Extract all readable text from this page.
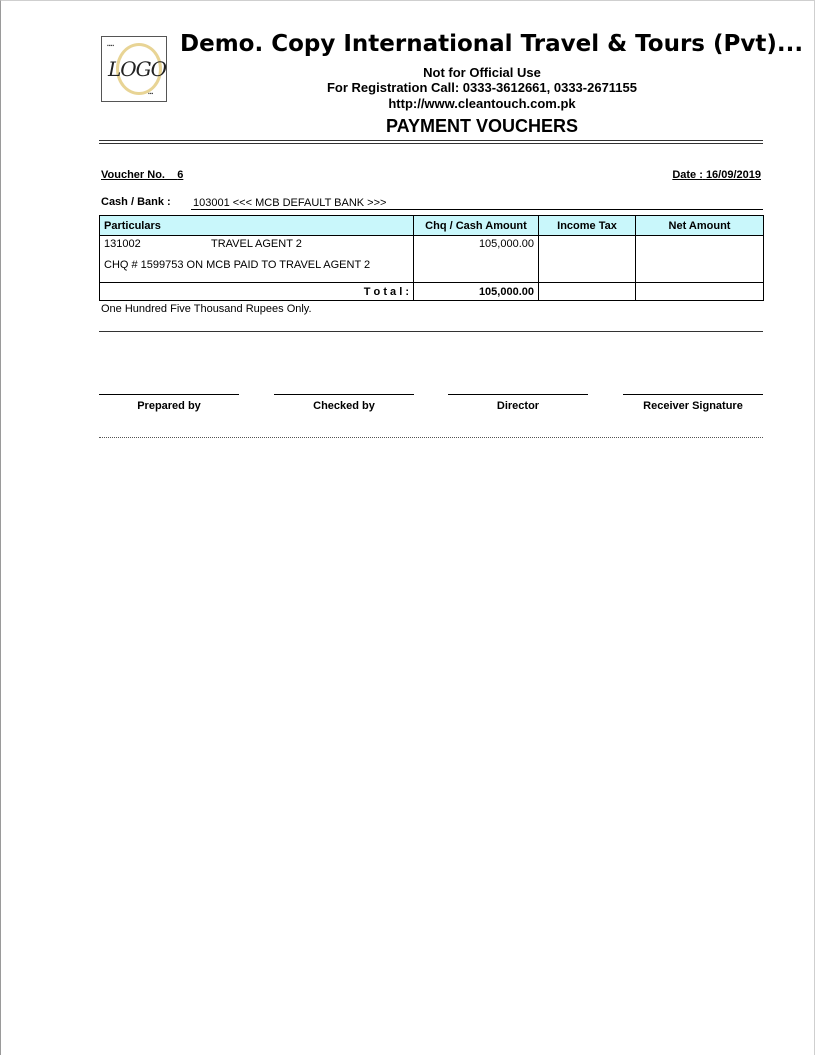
▪▪▪▪
LOGO
▪▪▪
Demo. Copy International Travel & Tours (Pvt)...
Not for Official Use
For Registration Call: 0333-3612661, 0333-2671155
http://www.cleantouch.com.pk
PAYMENT VOUCHERS
Voucher No. 6	Date : 16/09/2019
Cash / Bank : 103001 <<< MCB DEFAULT BANK >>>
Particulars	Chq / Cash Amount	Income Tax	Net Amount

131002 TRAVEL AGENT 2
CHQ # 1599753 ON MCB PAID TO TRAVEL AGENT 2	105,000.00		
T o t a l :	105,000.00		
One Hundred Five Thousand Rupees Only.
Prepared by	Checked by	Director	Receiver Signature
